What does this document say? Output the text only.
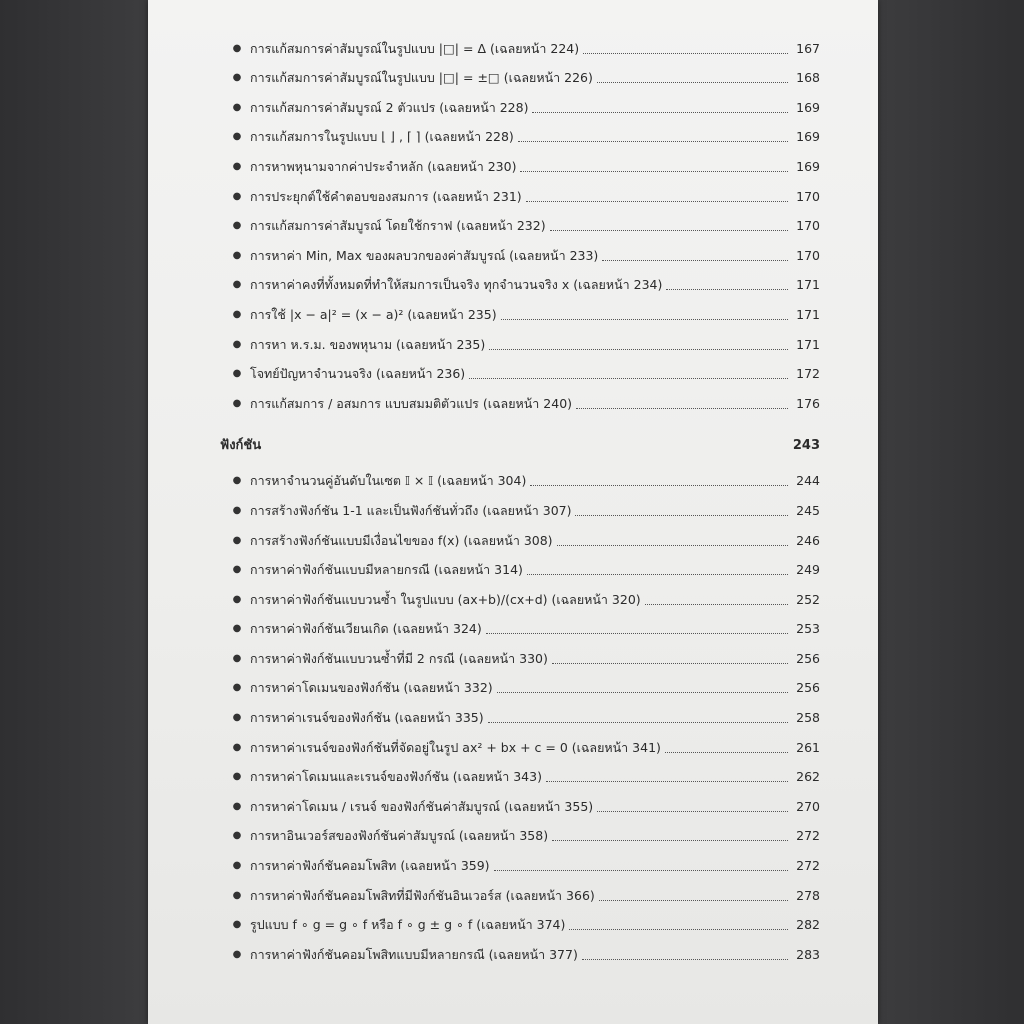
● การแก้สมการค่าสัมบูรณ์ในรูปแบบ |□| = Δ (เฉลยหน้า 224)	167
● การแก้สมการค่าสัมบูรณ์ในรูปแบบ |□| = ±□ (เฉลยหน้า 226)	168
● การแก้สมการค่าสัมบูรณ์ 2 ตัวแปร (เฉลยหน้า 228)	169
● การแก้สมการในรูปแบบ ⌊ ⌋ , ⌈ ⌉ (เฉลยหน้า 228)	169
● การหาพหุนามจากค่าประจำหลัก (เฉลยหน้า 230)	169
● การประยุกต์ใช้คำตอบของสมการ (เฉลยหน้า 231)	170
● การแก้สมการค่าสัมบูรณ์ โดยใช้กราฟ (เฉลยหน้า 232)	170
● การหาค่า Min, Max ของผลบวกของค่าสัมบูรณ์ (เฉลยหน้า 233)	170
● การหาค่าคงที่ทั้งหมดที่ทำให้สมการเป็นจริง ทุกจำนวนจริง x (เฉลยหน้า 234)	171
● การใช้ |x − a|² = (x − a)² (เฉลยหน้า 235)	171
● การหา ห.ร.ม. ของพหุนาม (เฉลยหน้า 235)	171
● โจทย์ปัญหาจำนวนจริง (เฉลยหน้า 236)	172
● การแก้สมการ / อสมการ แบบสมมติตัวแปร (เฉลยหน้า 240)	176
ฟังก์ชัน	243
● การหาจำนวนคู่อันดับในเซต 𝕀 × 𝕀 (เฉลยหน้า 304)	244
● การสร้างฟังก์ชัน 1-1 และเป็นฟังก์ชันทั่วถึง (เฉลยหน้า 307)	245
● การสร้างฟังก์ชันแบบมีเงื่อนไขของ f(x) (เฉลยหน้า 308)	246
● การหาค่าฟังก์ชันแบบมีหลายกรณี (เฉลยหน้า 314)	249
● การหาค่าฟังก์ชันแบบวนซ้ำ ในรูปแบบ (ax+b)/(cx+d) (เฉลยหน้า 320)	252
● การหาค่าฟังก์ชันเวียนเกิด (เฉลยหน้า 324)	253
● การหาค่าฟังก์ชันแบบวนซ้ำที่มี 2 กรณี (เฉลยหน้า 330)	256
● การหาค่าโดเมนของฟังก์ชัน (เฉลยหน้า 332)	256
● การหาค่าเรนจ์ของฟังก์ชัน (เฉลยหน้า 335)	258
● การหาค่าเรนจ์ของฟังก์ชันที่จัดอยู่ในรูป ax² + bx + c = 0 (เฉลยหน้า 341)	261
● การหาค่าโดเมนและเรนจ์ของฟังก์ชัน (เฉลยหน้า 343)	262
● การหาค่าโดเมน / เรนจ์ ของฟังก์ชันค่าสัมบูรณ์ (เฉลยหน้า 355)	270
● การหาอินเวอร์สของฟังก์ชันค่าสัมบูรณ์ (เฉลยหน้า 358)	272
● การหาค่าฟังก์ชันคอมโพสิท (เฉลยหน้า 359)	272
● การหาค่าฟังก์ชันคอมโพสิทที่มีฟังก์ชันอินเวอร์ส (เฉลยหน้า 366)	278
● รูปแบบ f ∘ g = g ∘ f หรือ f ∘ g ± g ∘ f (เฉลยหน้า 374)	282
● การหาค่าฟังก์ชันคอมโพสิทแบบมีหลายกรณี (เฉลยหน้า 377)	283
